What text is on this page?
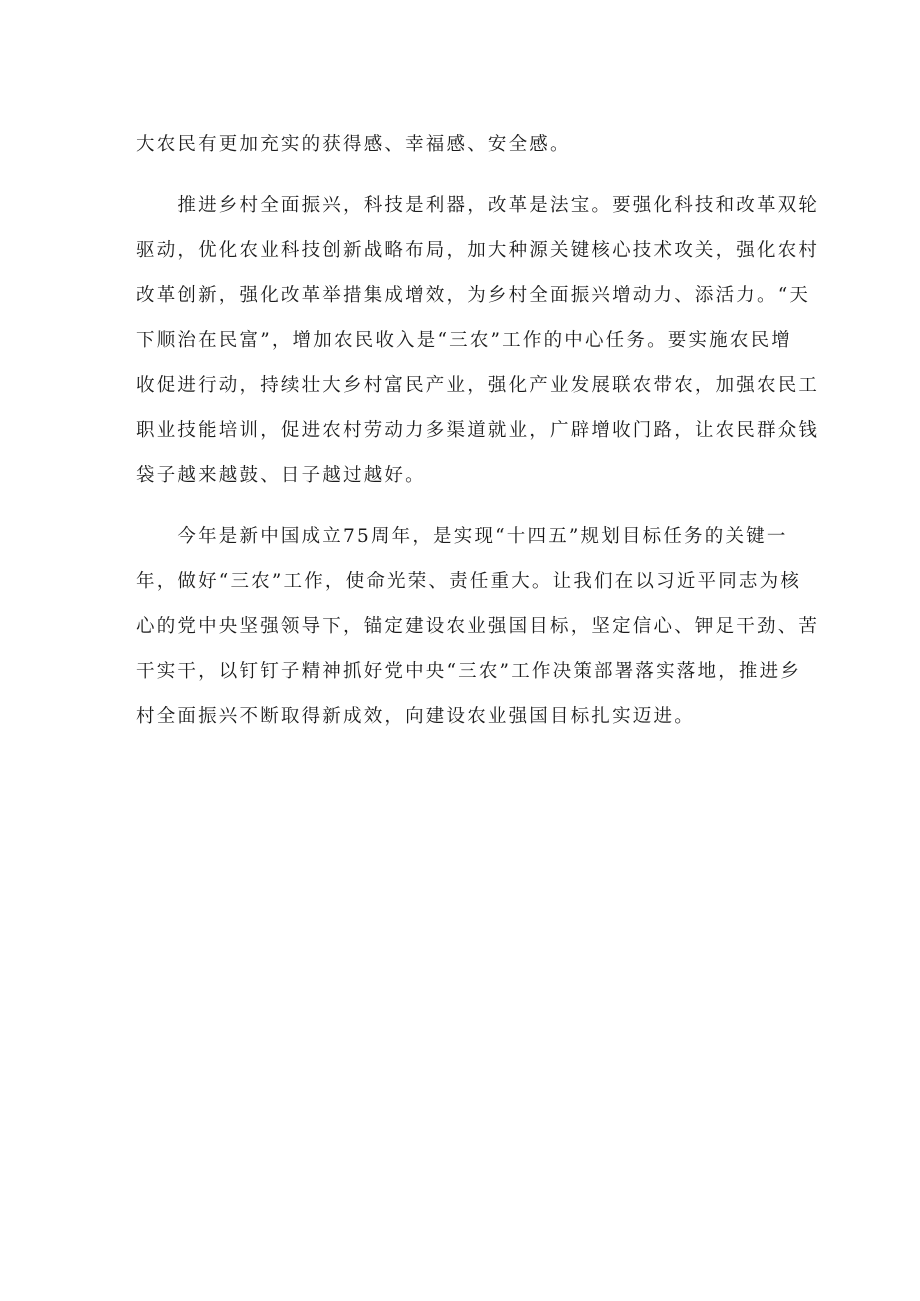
大农民有更加充实的获得感、幸福感、安全感。
　　推进乡村全面振兴，科技是利器，改革是法宝。要强化科技和改革双轮
驱动，优化农业科技创新战略布局，加大种源关键核心技术攻关，强化农村
改革创新，强化改革举措集成增效，为乡村全面振兴增动力、添活力。“天
下顺治在民富”，增加农民收入是“三农”工作的中心任务。要实施农民增
收促进行动，持续壮大乡村富民产业，强化产业发展联农带农，加强农民工
职业技能培训，促进农村劳动力多渠道就业，广辟增收门路，让农民群众钱
袋子越来越鼓、日子越过越好。
　　今年是新中国成立75周年，是实现“十四五”规划目标任务的关键一
年，做好“三农”工作，使命光荣、责任重大。让我们在以习近平同志为核
心的党中央坚强领导下，锚定建设农业强国目标，坚定信心、钾足干劲、苦
干实干，以钉钉子精神抓好党中央“三农”工作决策部署落实落地，推进乡
村全面振兴不断取得新成效，向建设农业强国目标扎实迈进。
